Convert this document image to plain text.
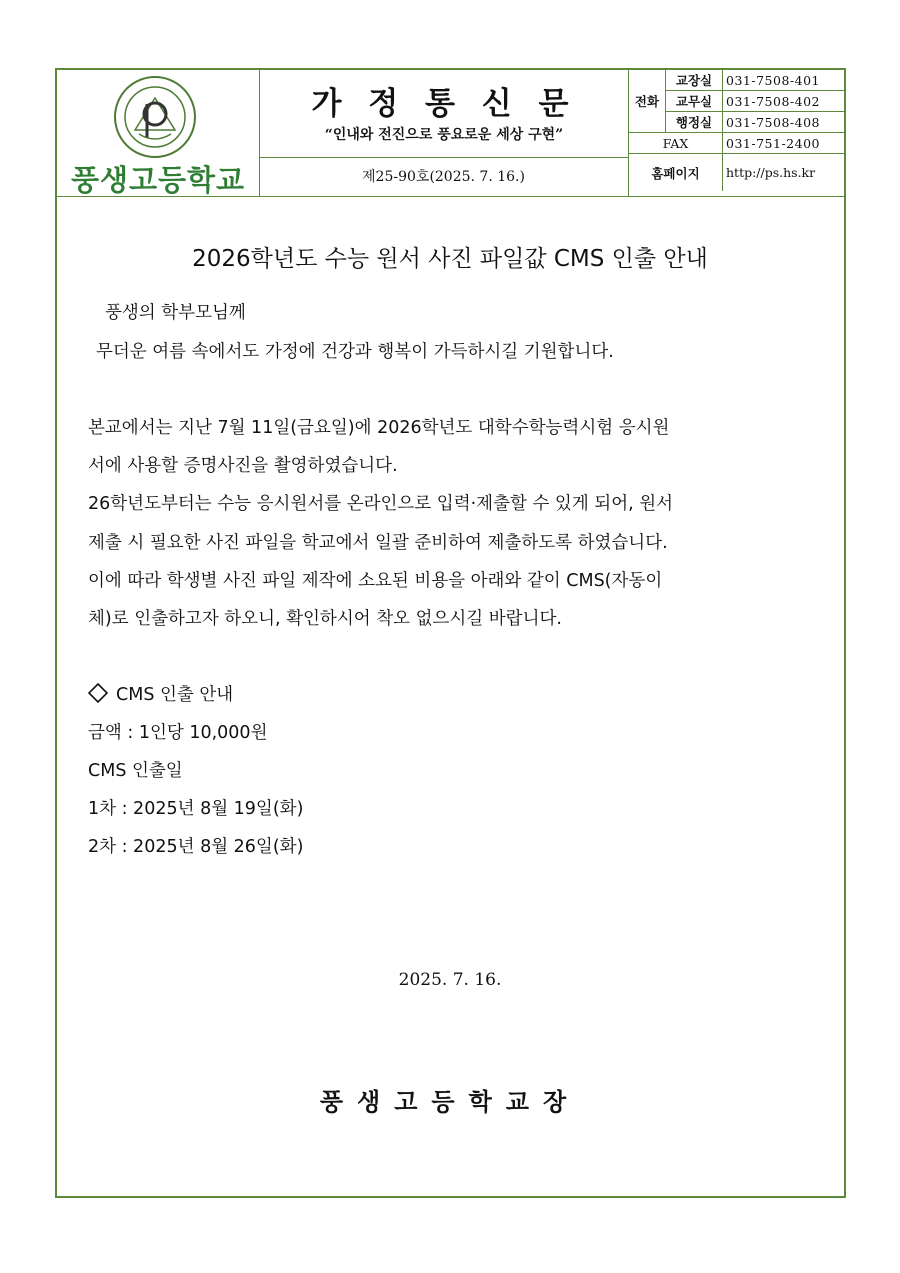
풍생고등학교
가 정 통 신 문
“인내와 전진으로 풍요로운 세상 구현”
제25-90호(2025. 7. 16.)
전화	교장실	031-7508-401
	교무실	031-7508-402
	행정실	031-7508-408
FAX		031-751-2400
홈페이지		http://ps.hs.kr
2026학년도 수능 원서 사진 파일값 CMS 인출 안내
풍생의 학부모님께
무더운 여름 속에서도 가정에 건강과 행복이 가득하시길 기원합니다.
본교에서는 지난 7월 11일(금요일)에 2026학년도 대학수학능력시험 응시원
서에 사용할 증명사진을 촬영하였습니다.
26학년도부터는 수능 응시원서를 온라인으로 입력·제출할 수 있게 되어, 원서
제출 시 필요한 사진 파일을 학교에서 일괄 준비하여 제출하도록 하였습니다.
이에 따라 학생별 사진 파일 제작에 소요된 비용을 아래와 같이 CMS(자동이
체)로 인출하고자 하오니, 확인하시어 착오 없으시길 바랍니다.
CMS 인출 안내
금액 : 1인당 10,000원
CMS 인출일
1차 : 2025년 8월 19일(화)
2차 : 2025년 8월 26일(화)
2025. 7. 16.
풍생고등학교장
